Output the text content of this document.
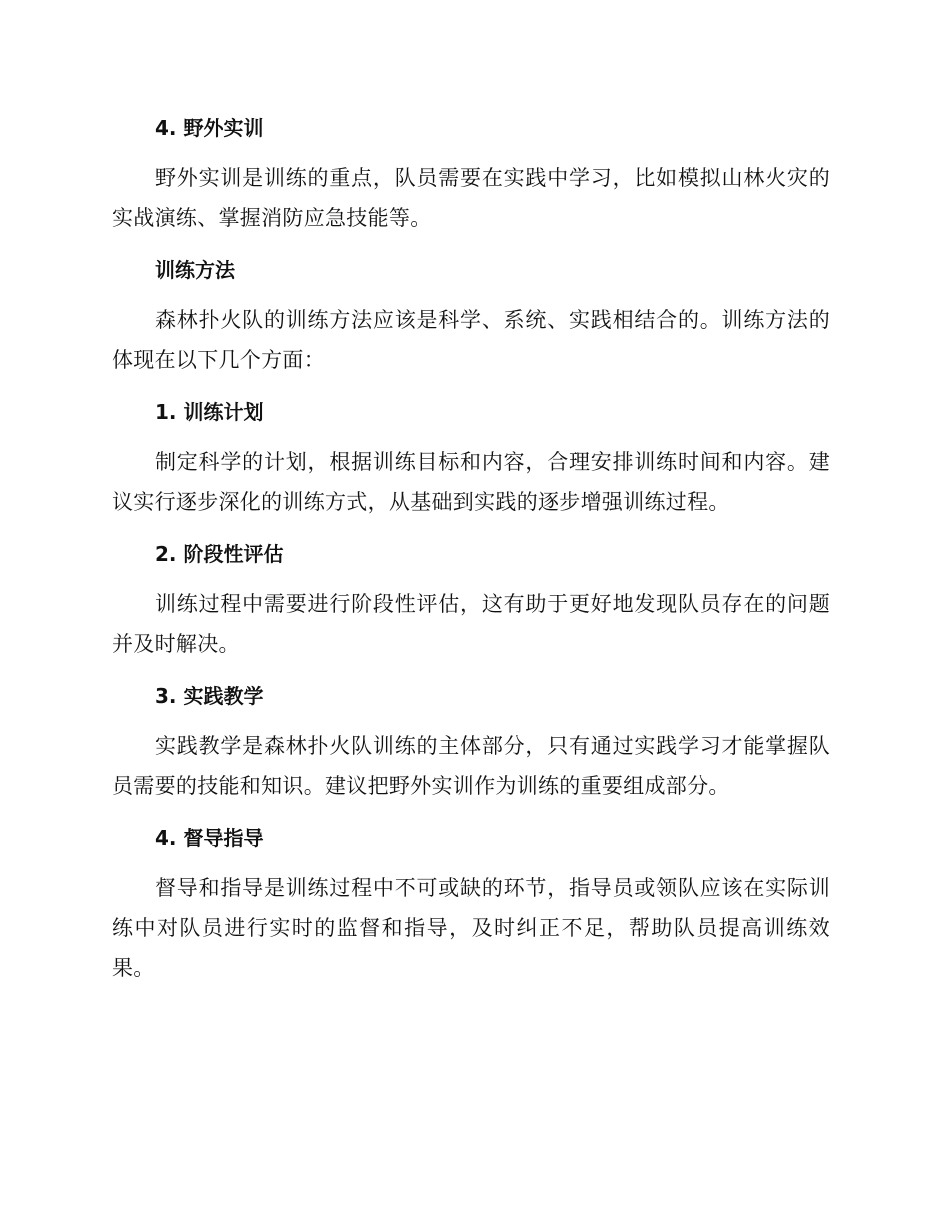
4. 野外实训

野外实训是训练的重点，队员需要在实践中学习，比如模拟山林火灾的实战演练、掌握消防应急技能等。

训练方法

森林扑火队的训练方法应该是科学、系统、实践相结合的。训练方法的体现在以下几个方面：

1. 训练计划

制定科学的计划，根据训练目标和内容，合理安排训练时间和内容。建议实行逐步深化的训练方式，从基础到实践的逐步增强训练过程。

2. 阶段性评估

训练过程中需要进行阶段性评估，这有助于更好地发现队员存在的问题并及时解决。

3. 实践教学

实践教学是森林扑火队训练的主体部分，只有通过实践学习才能掌握队员需要的技能和知识。建议把野外实训作为训练的重要组成部分。

4. 督导指导

督导和指导是训练过程中不可或缺的环节，指导员或领队应该在实际训练中对队员进行实时的监督和指导，及时纠正不足，帮助队员提高训练效果。
